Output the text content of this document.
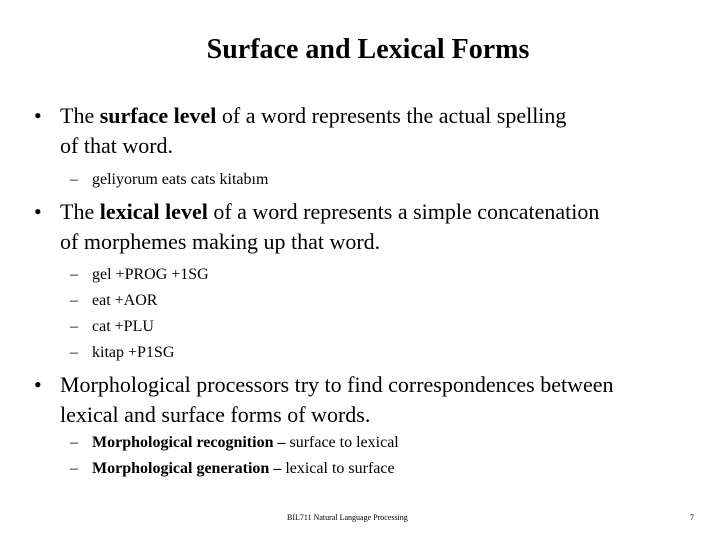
Surface and Lexical Forms
• The surface level of a word represents the actual spelling
of that word.
– geliyorum eats cats kitabım
• The lexical level of a word represents a simple concatenation
of morphemes making up that word.
– gel +PROG +1SG
– eat +AOR
– cat +PLU
– kitap +P1SG
• Morphological processors try to find correspondences between
lexical and surface forms of words.
– Morphological recognition – surface to lexical
– Morphological generation – lexical to surface
BIL711 Natural Language Processing	7
